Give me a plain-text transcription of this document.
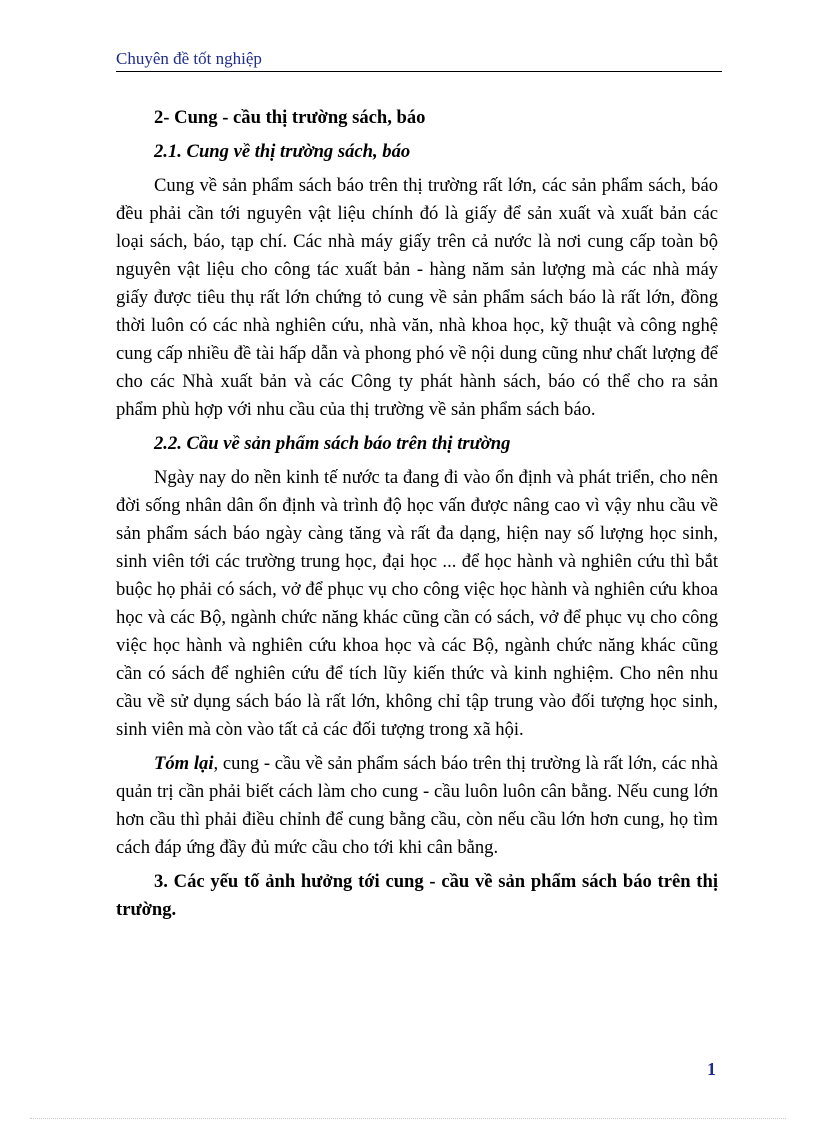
Chuyên đề tốt nghiệp

2- Cung - cầu thị trường sách, báo

2.1. Cung về thị trường sách, báo

Cung về sản phẩm sách báo trên thị trường rất lớn, các sản phẩm sách, báo đều phải cần tới nguyên vật liệu chính đó là giấy để sản xuất và xuất bản các loại sách, báo, tạp chí. Các nhà máy giấy trên cả nước là nơi cung cấp toàn bộ nguyên vật liệu cho công tác xuất bản - hàng năm sản lượng mà các nhà máy giấy được tiêu thụ rất lớn chứng tỏ cung về sản phẩm sách báo là rất lớn, đồng thời luôn có các nhà nghiên cứu, nhà văn, nhà khoa học, kỹ thuật và công nghệ cung cấp nhiều đề tài hấp dẫn và phong phó về nội dung cũng như chất lượng để cho các Nhà xuất bản và các Công ty phát hành sách, báo có thể cho ra sản phẩm phù hợp với nhu cầu của thị trường về sản phẩm sách báo.

2.2. Cầu về sản phẩm sách báo trên thị trường

Ngày nay do nền kinh tế nước ta đang đi vào ổn định và phát triển, cho nên đời sống nhân dân ổn định và trình độ học vấn được nâng cao vì vậy nhu cầu về sản phẩm sách báo ngày càng tăng và rất đa dạng, hiện nay số lượng học sinh, sinh viên tới các trường trung học, đại học ... để học hành và nghiên cứu thì bắt buộc họ phải có sách, vở để phục vụ cho công việc học hành và nghiên cứu khoa học và các Bộ, ngành chức năng khác cũng cần có sách, vở để phục vụ cho công việc học hành và nghiên cứu khoa học và các Bộ, ngành chức năng khác cũng cần có sách để nghiên cứu để tích lũy kiến thức và kinh nghiệm. Cho nên nhu cầu về sử dụng sách báo là rất lớn, không chỉ tập trung vào đối tượng học sinh, sinh viên mà còn vào tất cả các đối tượng trong xã hội.

Tóm lại, cung - cầu về sản phẩm sách báo trên thị trường là rất lớn, các nhà quản trị cần phải biết cách làm cho cung - cầu luôn luôn cân bằng. Nếu cung lớn hơn cầu thì phải điều chỉnh để cung bằng cầu, còn nếu cầu lớn hơn cung, họ tìm cách đáp ứng đầy đủ mức cầu cho tới khi cân bằng.

3. Các yếu tố ảnh hưởng tới cung - cầu về sản phẩm sách báo trên thị trường.

1
